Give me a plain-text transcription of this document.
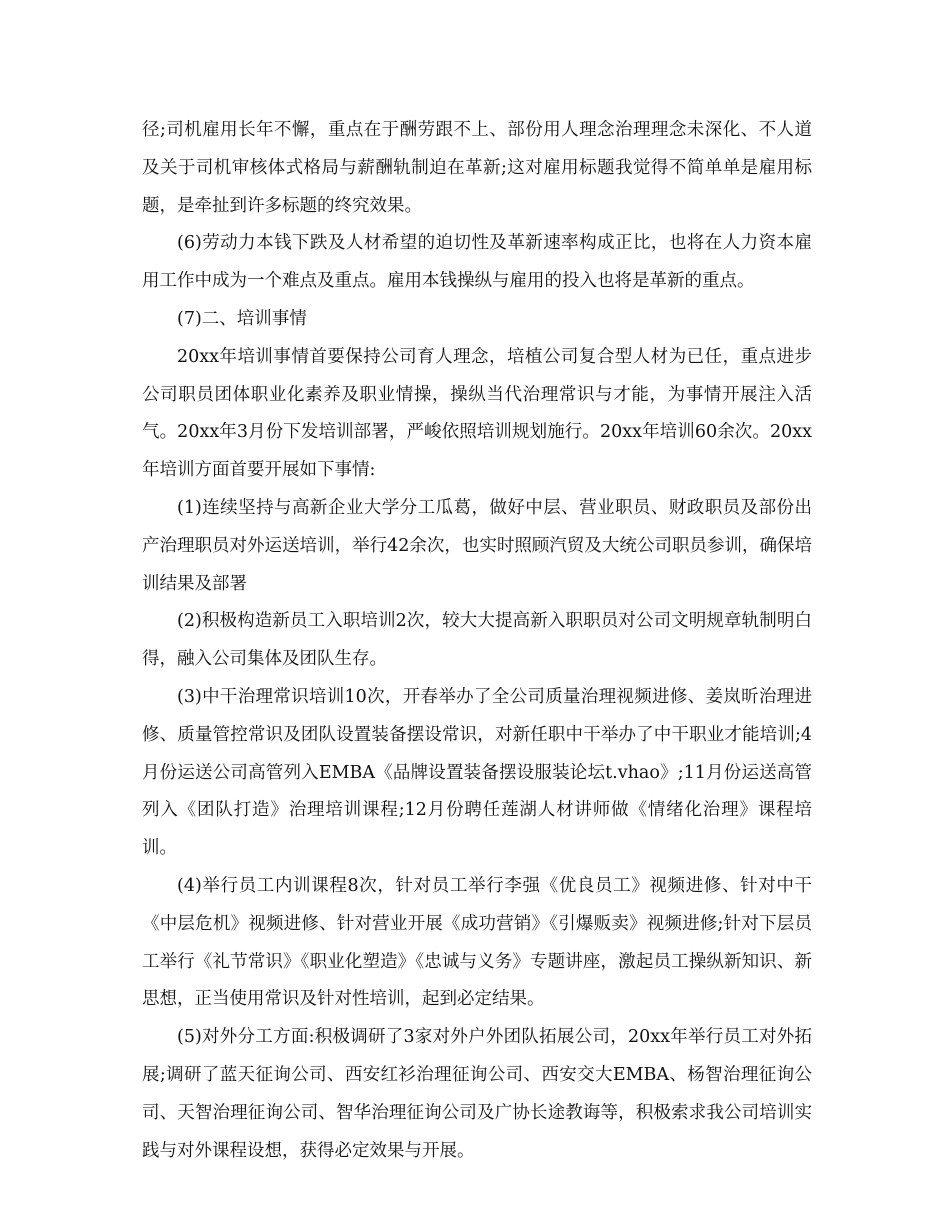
径;司机雇用长年不懈，重点在于酬劳跟不上、部份用人理念治理理念未深化、不人道及关于司机审核体式格局与薪酬轨制迫在革新;这对雇用标题我觉得不简单单是雇用标题，是牵扯到许多标题的终究效果。

(6)劳动力本钱下跌及人材希望的迫切性及革新速率构成正比，也将在人力资本雇用工作中成为一个难点及重点。雇用本钱操纵与雇用的投入也将是革新的重点。

(7)二、培训事情

20xx年培训事情首要保持公司育人理念，培植公司复合型人材为已任，重点进步公司职员团体职业化素养及职业情操，操纵当代治理常识与才能，为事情开展注入活气。20xx年3月份下发培训部署，严峻依照培训规划施行。20xx年培训60余次。20xx年培训方面首要开展如下事情:

(1)连续坚持与高新企业大学分工瓜葛，做好中层、营业职员、财政职员及部份出产治理职员对外运送培训，举行42余次，也实时照顾汽贸及大统公司职员参训，确保培训结果及部署

(2)积极构造新员工入职培训2次，较大大提高新入职职员对公司文明规章轨制明白得，融入公司集体及团队生存。

(3)中干治理常识培训10次，开春举办了全公司质量治理视频进修、姜岚昕治理进修、质量管控常识及团队设置装备摆设常识，对新任职中干举办了中干职业才能培训;4月份运送公司高管列入EMBA《品牌设置装备摆设服装论坛t.vhao》;11月份运送高管列入《团队打造》治理培训课程;12月份聘任莲湖人材讲师做《情绪化治理》课程培训。

(4)举行员工内训课程8次，针对员工举行李强《优良员工》视频进修、针对中干《中层危机》视频进修、针对营业开展《成功营销》《引爆贩卖》视频进修;针对下层员工举行《礼节常识》《职业化塑造》《忠诚与义务》专题讲座，激起员工操纵新知识、新思想，正当使用常识及针对性培训，起到必定结果。

(5)对外分工方面:积极调研了3家对外户外团队拓展公司，20xx年举行员工对外拓展;调研了蓝天征询公司、西安红衫治理征询公司、西安交大EMBA、杨智治理征询公司、天智治理征询公司、智华治理征询公司及广协长途教诲等，积极索求我公司培训实践与对外课程设想，获得必定效果与开展。
